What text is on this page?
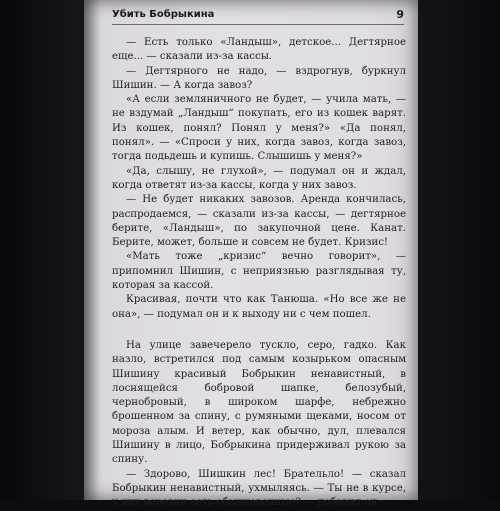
Убить Бобрыкина	9

— Есть только «Ландыш», детское... Дегтярное еще... — сказали из-за кассы.

— Дегтярного не надо, — вздрогнув, буркнул Шишин. — А когда завоз?

«А если земляничного не будет, — учила мать, — не вздумай „Ландыш“ покупать, его из кошек варят. Из кошек, понял? Понял у меня?» «Да понял, понял». — «Спроси у них, когда завоз, когда завоз, тогда подьдешь и купишь. Слышишь у меня?»

«Да, слышу, не глухой», — подумал он и ждал, когда ответят из-за кассы, когда у них завоз.

— Не будет никаких завозов. Аренда кончилась, распродаемся, — сказали из-за кассы, — дегтярное берите, «Ландыш», по закупочной цене. Канат. Берите, может, больше и совсем не будет. Кризис!

«Мать тоже „кризис“ вечно говорит», — припомнил Шишин, с неприязнью разглядывая ту, которая за кассой.

Красивая, почти что как Танюша. «Но все же не она», — подумал он и к выходу ни с чем пошел.

На улице завечерело тускло, серо, гадко. Как назло, встретился под самым козырьком опасным Шишину красивый Бобрыкин ненавистный, в лоснящейся бобровой шапке, белозубый, чернобровый, в широком шарфе, небрежно брошенном за спину, с румяными щеками, носом от мороза алым. И ветер, как обычно, дул, плевался Шишину в лицо, Бобрыкина придерживал рукою за спину.

— Здорово, Шишкин лес! Брательло! — сказал Бобрыкин ненавистный, ухмыляясь. — Ты не в курсе, у них веревки есть обыкновенные? — добавил он.
